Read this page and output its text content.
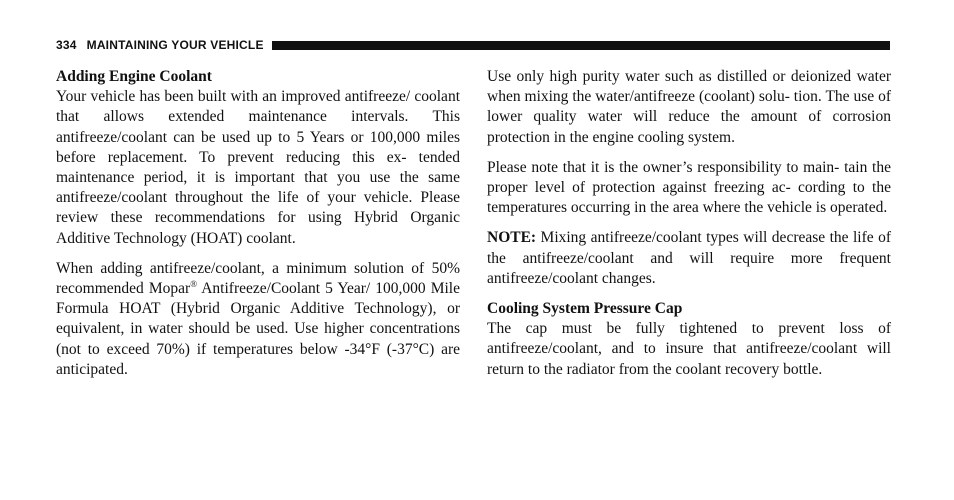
334 MAINTAINING YOUR VEHICLE
Adding Engine Coolant

Your vehicle has been built with an improved antifreeze/ coolant that allows extended maintenance intervals. This antifreeze/coolant can be used up to 5 Years or 100,000 miles before replacement. To prevent reducing this ex- tended maintenance period, it is important that you use the same antifreeze/coolant throughout the life of your vehicle. Please review these recommendations for using Hybrid Organic Additive Technology (HOAT) coolant.

When adding antifreeze/coolant, a minimum solution of 50% recommended Mopar® Antifreeze/Coolant 5 Year/ 100,000 Mile Formula HOAT (Hybrid Organic Additive Technology), or equivalent, in water should be used. Use higher concentrations (not to exceed 70%) if temperatures below -34°F (-37°C) are anticipated.

Use only high purity water such as distilled or deionized water when mixing the water/antifreeze (coolant) solu- tion. The use of lower quality water will reduce the amount of corrosion protection in the engine cooling system.

Please note that it is the owner’s responsibility to main- tain the proper level of protection against freezing ac- cording to the temperatures occurring in the area where the vehicle is operated.

NOTE: Mixing antifreeze/coolant types will decrease the life of the antifreeze/coolant and will require more frequent antifreeze/coolant changes.

Cooling System Pressure Cap

The cap must be fully tightened to prevent loss of antifreeze/coolant, and to insure that antifreeze/coolant will return to the radiator from the coolant recovery bottle.
